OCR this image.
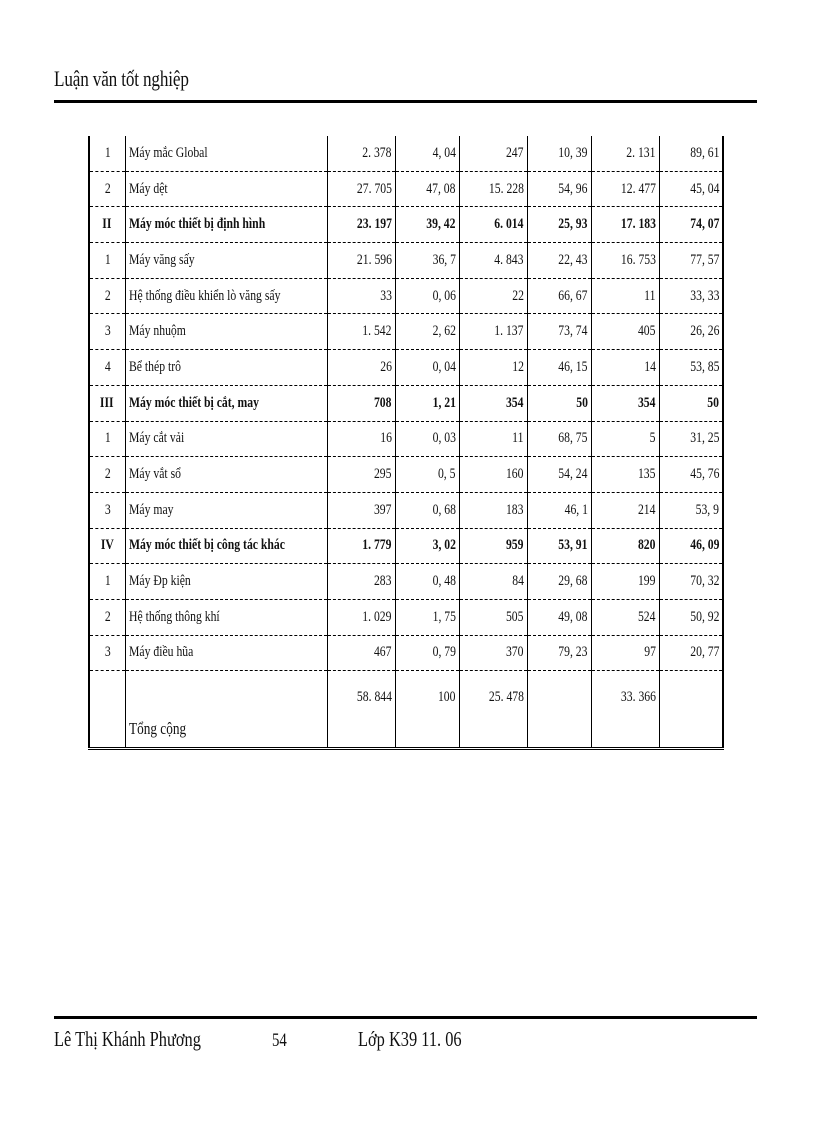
Luận văn tốt nghiệp
1	Máy mắc Global	2. 378	4, 04	247	10, 39	2. 131	89, 61
2	Máy dệt	27. 705	47, 08	15. 228	54, 96	12. 477	45, 04
II	Máy móc thiết bị định hình	23. 197	39, 42	6. 014	25, 93	17. 183	74, 07
1	Máy văng sấy	21. 596	36, 7	4. 843	22, 43	16. 753	77, 57
2	Hệ thống điều khiển lò văng sấy	33	0, 06	22	66, 67	11	33, 33
3	Máy nhuộm	1. 542	2, 62	1. 137	73, 74	405	26, 26
4	Bể thép trô	26	0, 04	12	46, 15	14	53, 85
III	Máy móc thiết bị cắt, may	708	1, 21	354	50	354	50
1	Máy cắt vải	16	0, 03	11	68, 75	5	31, 25
2	Máy vắt sổ	295	0, 5	160	54, 24	135	45, 76
3	Máy may	397	0, 68	183	46, 1	214	53, 9
IV	Máy móc thiết bị công tác khác	1. 779	3, 02	959	53, 91	820	46, 09
1	Máy Đp kiện	283	0, 48	84	29, 68	199	70, 32
2	Hệ thống thông khí	1. 029	1, 75	505	49, 08	524	50, 92
3	Máy điều hũa	467	0, 79	370	79, 23	97	20, 77
	Tổng cộng	58. 844	100	25. 478		33. 366	
Lê Thị Khánh Phương	54	Lớp K39 11. 06
